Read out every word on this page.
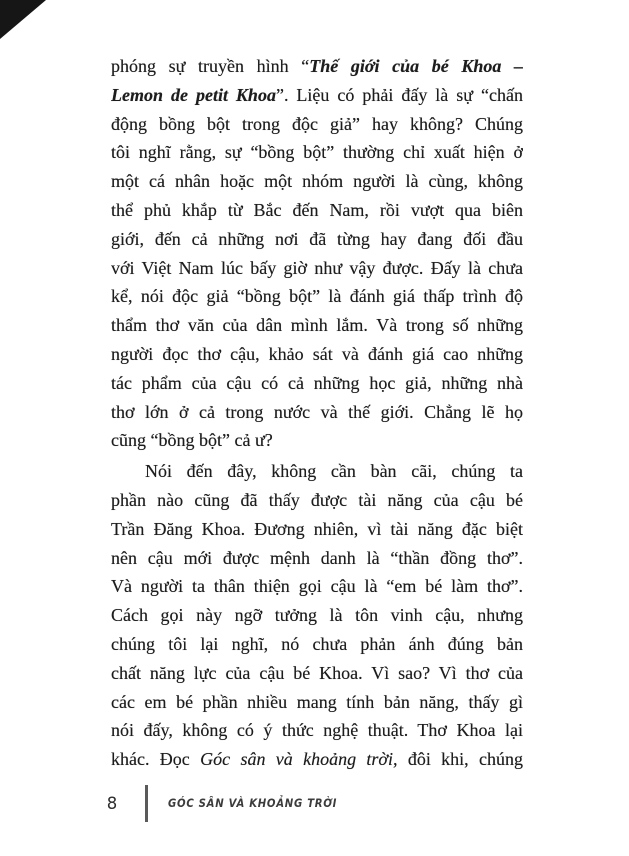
phóng sự truyền hình “Thế giới của bé Khoa –
Lemon de petit Khoa”. Liệu có phải đấy là sự “chấn
động bồng bột trong độc giả” hay không? Chúng
tôi nghĩ rằng, sự “bồng bột” thường chỉ xuất hiện ở
một cá nhân hoặc một nhóm người là cùng, không
thể phủ khắp từ Bắc đến Nam, rồi vượt qua biên
giới, đến cả những nơi đã từng hay đang đối đầu
với Việt Nam lúc bấy giờ như vậy được. Đấy là chưa
kể, nói độc giả “bồng bột” là đánh giá thấp trình độ
thẩm thơ văn của dân mình lắm. Và trong số những
người đọc thơ cậu, khảo sát và đánh giá cao những
tác phẩm của cậu có cả những học giả, những nhà
thơ lớn ở cả trong nước và thế giới. Chẳng lẽ họ
cũng “bồng bột” cả ư?
Nói đến đây, không cần bàn cãi, chúng ta
phần nào cũng đã thấy được tài năng của cậu bé
Trần Đăng Khoa. Đương nhiên, vì tài năng đặc biệt
nên cậu mới được mệnh danh là “thần đồng thơ”.
Và người ta thân thiện gọi cậu là “em bé làm thơ”.
Cách gọi này ngỡ tưởng là tôn vinh cậu, nhưng
chúng tôi lại nghĩ, nó chưa phản ánh đúng bản
chất năng lực của cậu bé Khoa. Vì sao? Vì thơ của
các em bé phần nhiều mang tính bản năng, thấy gì
nói đấy, không có ý thức nghệ thuật. Thơ Khoa lại
khác. Đọc Góc sân và khoảng trời, đôi khi, chúng
8	GÓC SÂN VÀ KHOẢNG TRỜI
